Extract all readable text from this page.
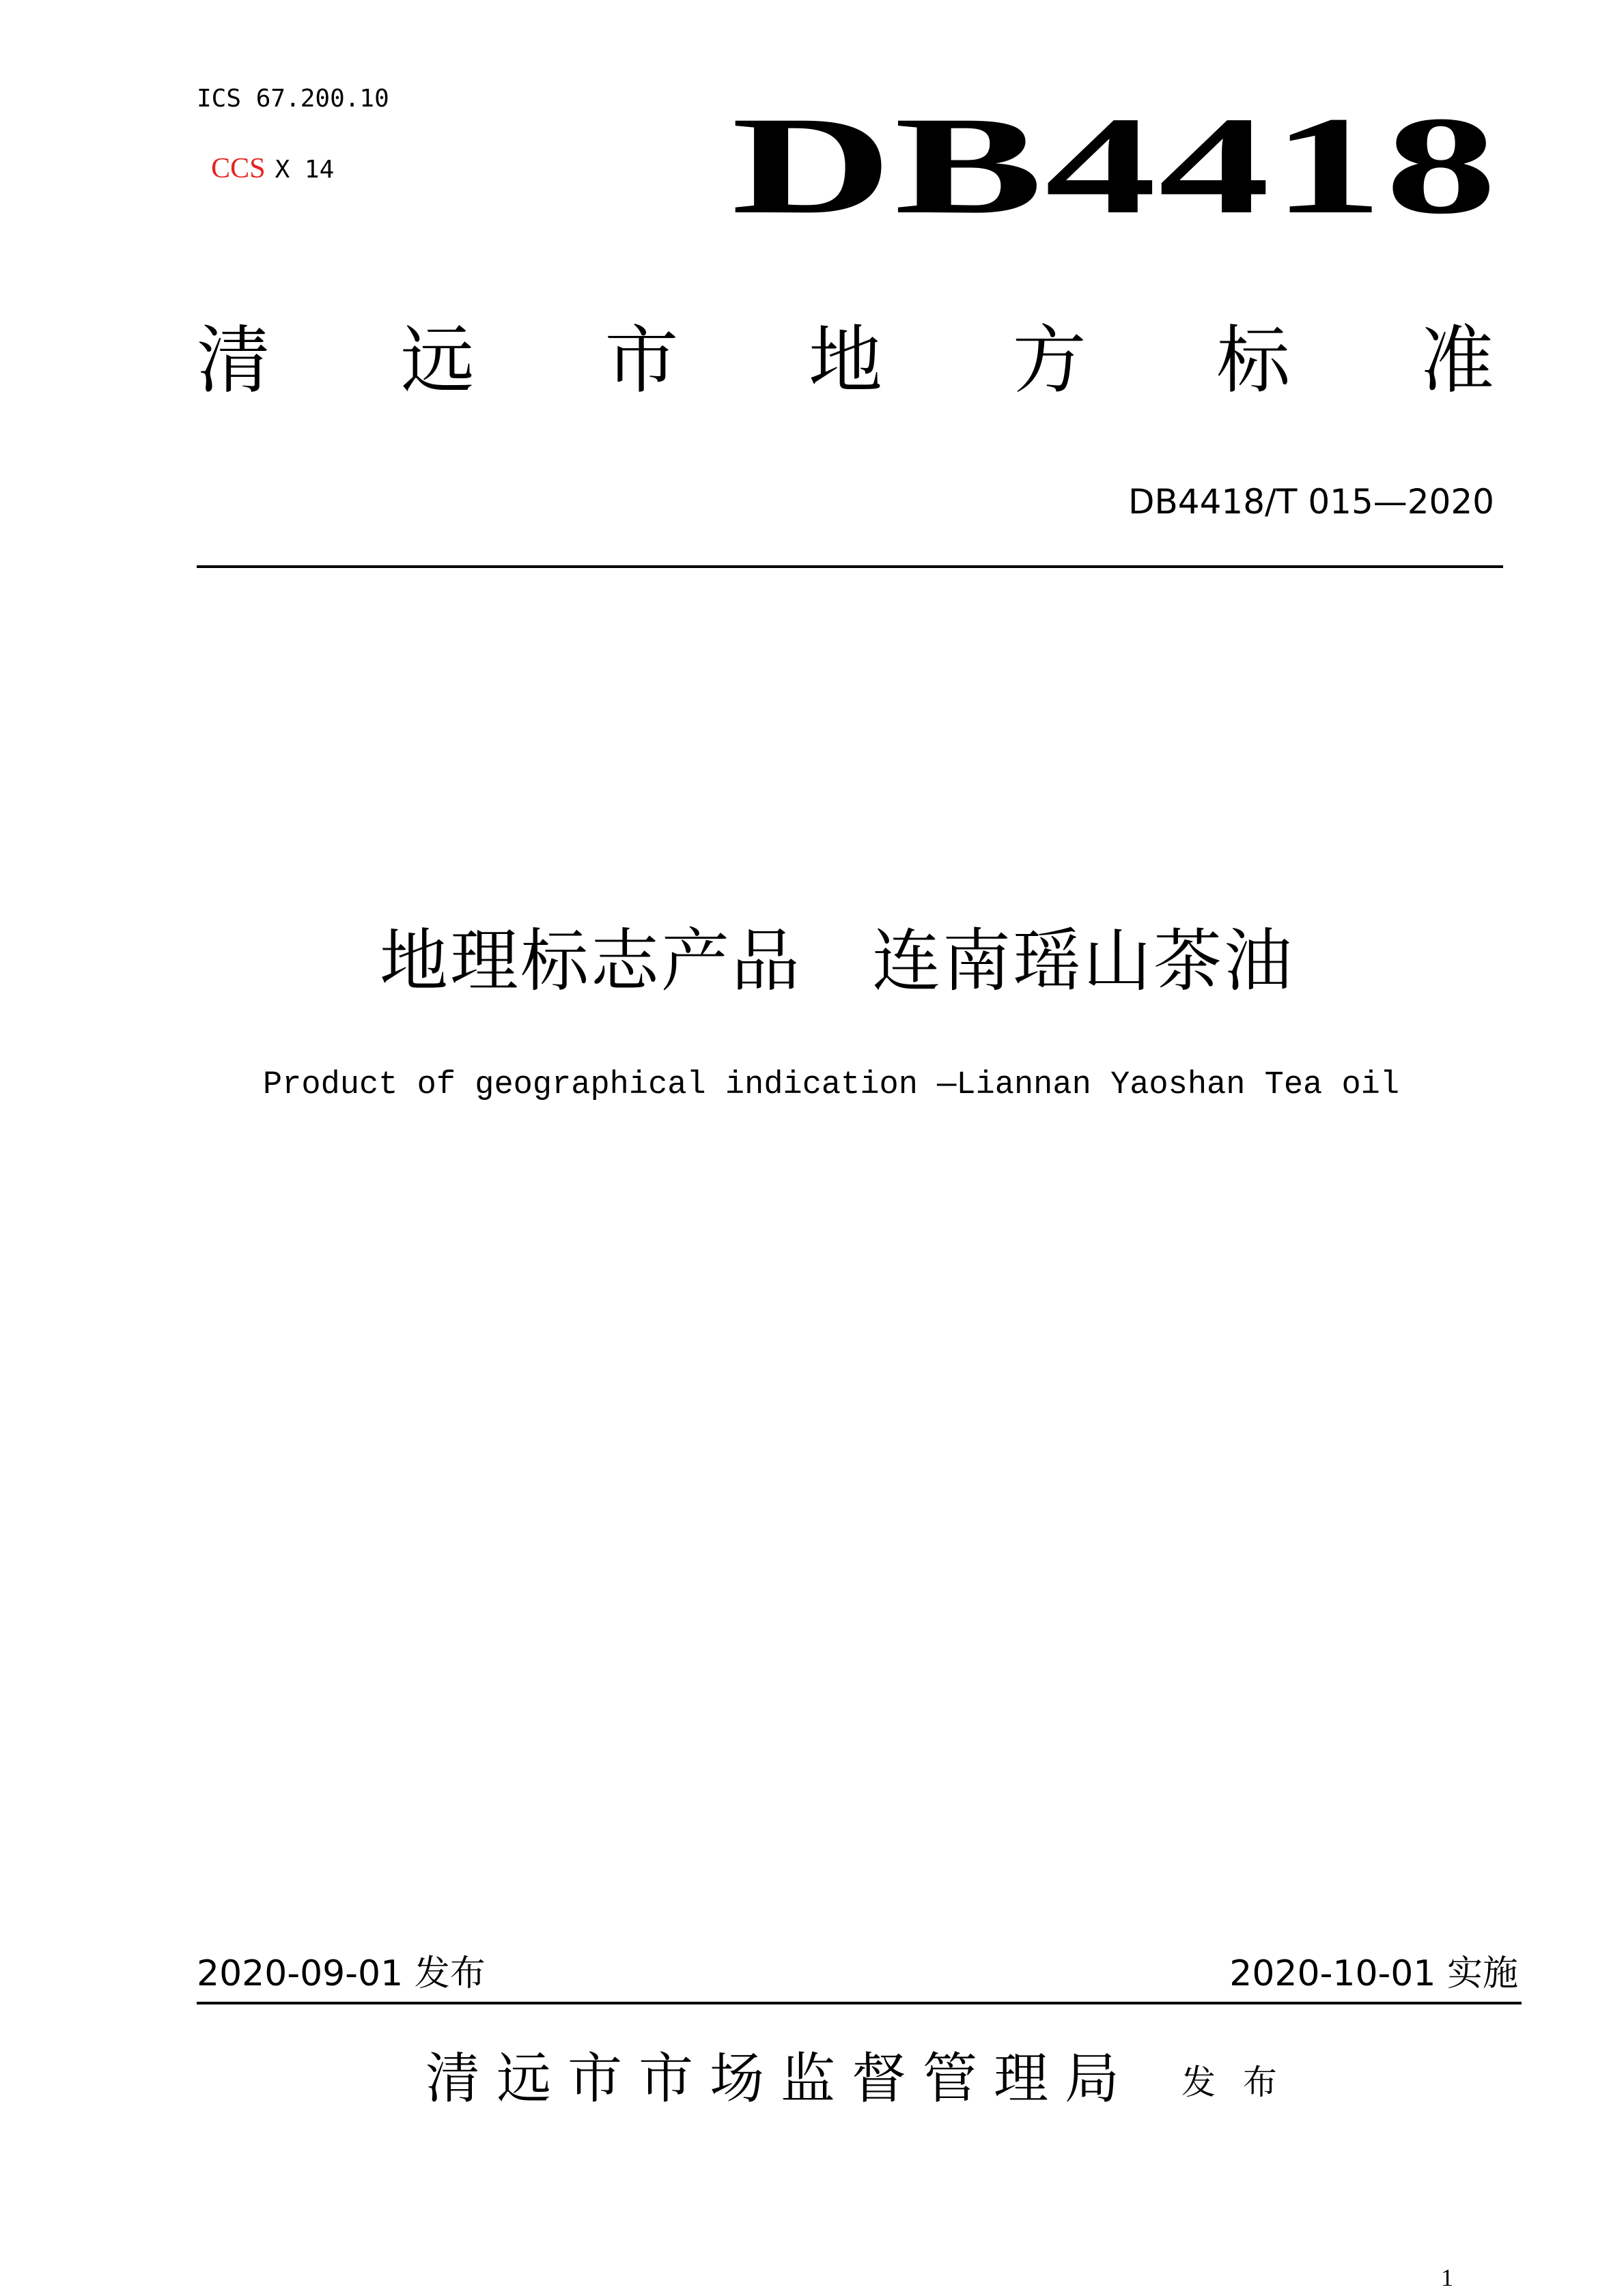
ICS 67.200.10

CCS X 14	DB4418
清 远 市 地 方 标 准
DB4418/T 015—2020
地理标志产品　连南瑶山茶油
Product of geographical indication —Liannan Yaoshan Tea oil
2020-09-01 发布	2020-10-01 实施
清远市市场监督管理局 发 布
1
